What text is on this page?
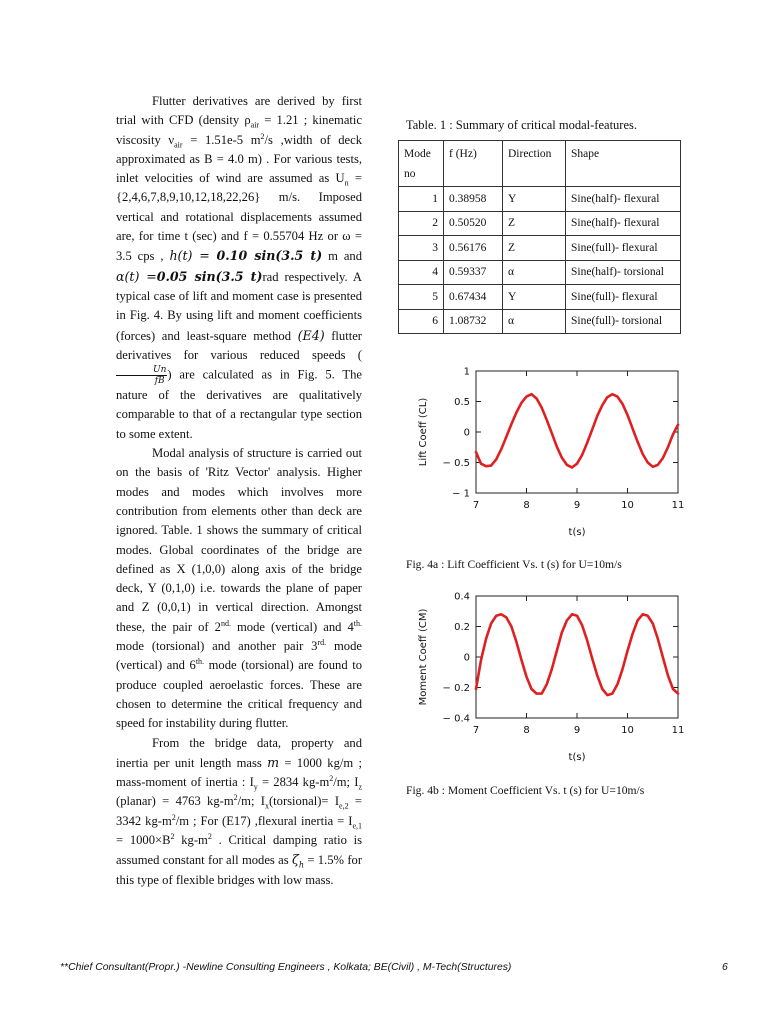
Flutter derivatives are derived by first trial with CFD (density $\rho_{air} = 1.21$ ; kinematic viscosity $\nu_{air} = 1.51e-5$ $m^2/s$ ,width of deck approximated as B = 4.0 m) . For various tests, inlet velocities of wind are assumed as $U_n =\{2,4,6,7,8,9,10,12,18,22,26\}$ m/s. Imposed vertical and rotational displacements assumed are, for time t (sec) and f = 0.55704 Hz or ω = 3.5 cps , h(t) = 0.10 sin(3.5 t) m and α(t) =0.05 sin(3.5 t)rad respectively. A typical case of lift and moment case is presented in Fig. 4. By using lift and moment coefficients (forces) and least-square method (E4) flutter derivatives for various reduced speeds (
$\frac{Un}{fB}$ ) are calculated as in Fig. 5. The nature of the derivatives are qualitatively comparable to that of a rectangular type section to some extent.

Modal analysis of structure is carried out on the basis of 'Ritz Vector' analysis. Higher modes and modes which involves more contribution from elements other than deck are ignored. Table. 1 shows the summary of critical modes. Global coordinates of the bridge are defined as X (1,0,0) along axis of the bridge deck, Y (0,1,0) i.e. towards the plane of paper and Z (0,0,1) in vertical direction. Amongst these, the pair of $2^{nd.}$ mode (vertical) and $4^{th.}$ mode (torsional) and another pair $3^{rd.}$ mode (vertical) and $6^{th.}$ mode (torsional) are found to produce coupled aeroelastic forces. These are chosen to determine the critical frequency and speed for instability during flutter.

From the bridge data, property and inertia per unit length mass m = 1000 kg/m ; mass-moment of inertia : $I_y = 2834$ $kg-m^2/m$; $I_z$ (planar) = 4763 $kg-m^2/m$; $I_x(torsional)= I_{e,2} = 3342$ $kg-m^2/m$ ; For (E17) ,flexural inertia = $I_{e,1} = 1000\times B^2$ $kg-m^2$ . Critical damping ratio is assumed constant for all modes as $\zeta_h = 1.5\%$ for this type of flexible bridges with low mass.

Table. 1 : Summary of critical modal-features.
Mode
no	f (Hz)	Direction	Shape
1	0.38958	Y	Sine(half)- flexural
2	0.50520	Z	Sine(half)- flexural
3	0.56176	Z	Sine(full)- flexural
4	0.59337	α	Sine(half)- torsional
5	0.67434	Y	Sine(full)- flexural
6	1.08732	α	Sine(full)- torsional
1
0.5
0
− 0.5
− 1
7	8	9	10	11
t(s)
Lift Coeff (CL)
Fig. 4a : Lift Coefficient Vs. t (s) for U=10m/s
0.4
0.2
0
− 0.2
− 0.4
7	8	9	10	11
t(s)
Moment Coeff (CM)
Fig. 4b : Moment Coefficient Vs. t (s) for U=10m/s
**Chief Consultant(Propr.) -Newline Consulting Engineers , Kolkata; BE(Civil) , M-Tech(Structures)	6
